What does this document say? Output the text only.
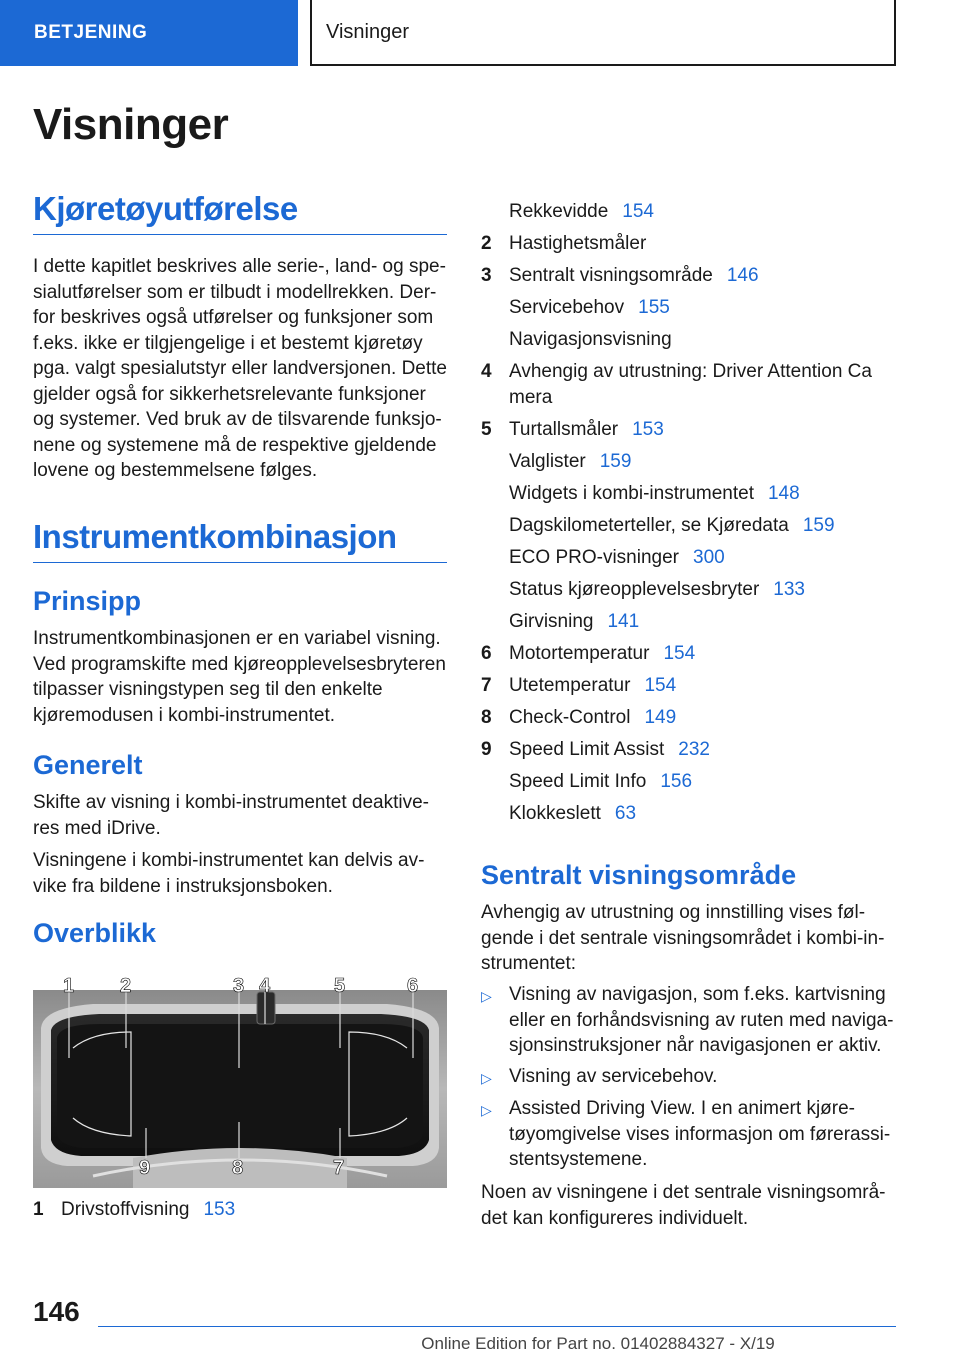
BETJENING	Visninger
Visninger
Kjøretøyutførelse

I dette kapitlet beskrives alle serie-, land- og spesialutførelser som er tilbudt i modellrekken. Derfor beskrives også utførelser og funksjoner som f.eks. ikke er tilgjengelige i et bestemt kjøretøy pga. valgt spesialutstyr eller landversjonen. Dette gjelder også for sikkerhetsrelevante funksjoner og systemer. Ved bruk av de tilsvarende funksjonene og systemene må de respektive gjeldende lovene og bestemmelsene følges.

Instrumentkombinasjon
Prinsipp

Instrumentkombinasjonen er en variabel visning. Ved programskifte med kjøreopplevelsesbryteren tilpasser visningstypen seg til den enkelte kjøremodusen i kombi-instrumentet.

Generelt

Skifte av visning i kombi-instrumentet deaktiveres med iDrive.

Visningene i kombi-instrumentet kan delvis avvike fra bildene i instruksjonsboken.

Overblikk
1 2	3 4	5	6
9	8	7
1 Drivstoffvisning 153
Rekkevidde 154
2 Hastighetsmåler
3 Sentralt visningsområde 146
Servicebehov 155
Navigasjonsvisning
4 Avhengig av utrustning: Driver Attention Ca
mera
5 Turtallsmåler 153
Valglister 159
Widgets i kombi-instrumentet 148
Dagskilometerteller, se Kjøredata 159
ECO PRO-visninger 300
Status kjøreopplevelsesbryter 133
Girvisning 141
6 Motortemperatur 154
7 Utetemperatur 154
8 Check-Control 149
9 Speed Limit Assist 232
Speed Limit Info 156
Klokkeslett 63
Sentralt visningsområde

Avhengig av utrustning og innstilling vises følgende i det sentrale visningsområdet i kombi-instrumentet:

▷ Visning av navigasjon, som f.eks. kartvisning eller en forhåndsvisning av ruten med navigasjonsinstruksjoner når navigasjonen er aktiv.
▷ Visning av servicebehov.
▷ Assisted Driving View. I en animert kjøretøyomgivelse vises informasjon om førerassistentsystemene.

Noen av visningene i det sentrale visningsområdet kan konfigureres individuelt.

146
Online Edition for Part no. 01402884327 - X/19
